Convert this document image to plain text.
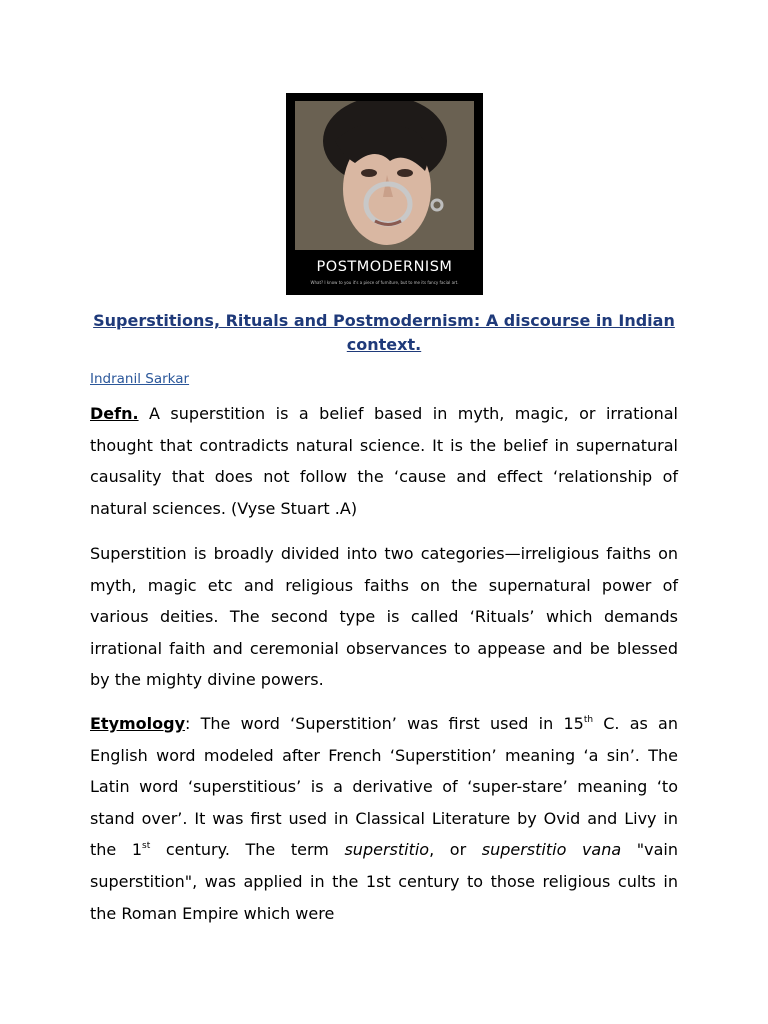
POSTMODERNISM
What? I know to you it's a piece of furniture, but to me its fancy facial art.
Superstitions, Rituals and Postmodernism: A discourse in Indian context.
Indranil Sarkar
Defn. A superstition is a belief based in myth, magic, or irrational thought that contradicts natural science. It is the belief in supernatural causality that does not follow the ‘cause and effect ‘relationship of natural sciences. (Vyse Stuart .A)
Superstition is broadly divided into two categories—irreligious faiths on myth, magic etc and religious faiths on the supernatural power of various deities. The second type is called ‘Rituals’ which demands irrational faith and ceremonial observances to appease and be blessed by the mighty divine powers.
Etymology: The word ‘Superstition’ was first used in 15th C. as an English word modeled after French ‘Superstition’ meaning ‘a sin’. The Latin word ‘superstitious’ is a derivative of ‘super-stare’ meaning ‘to stand over’. It was first used in Classical Literature by Ovid and Livy in the 1st century. The term superstitio, or superstitio vana "vain superstition", was applied in the 1st century to those religious cults in the Roman Empire which were
